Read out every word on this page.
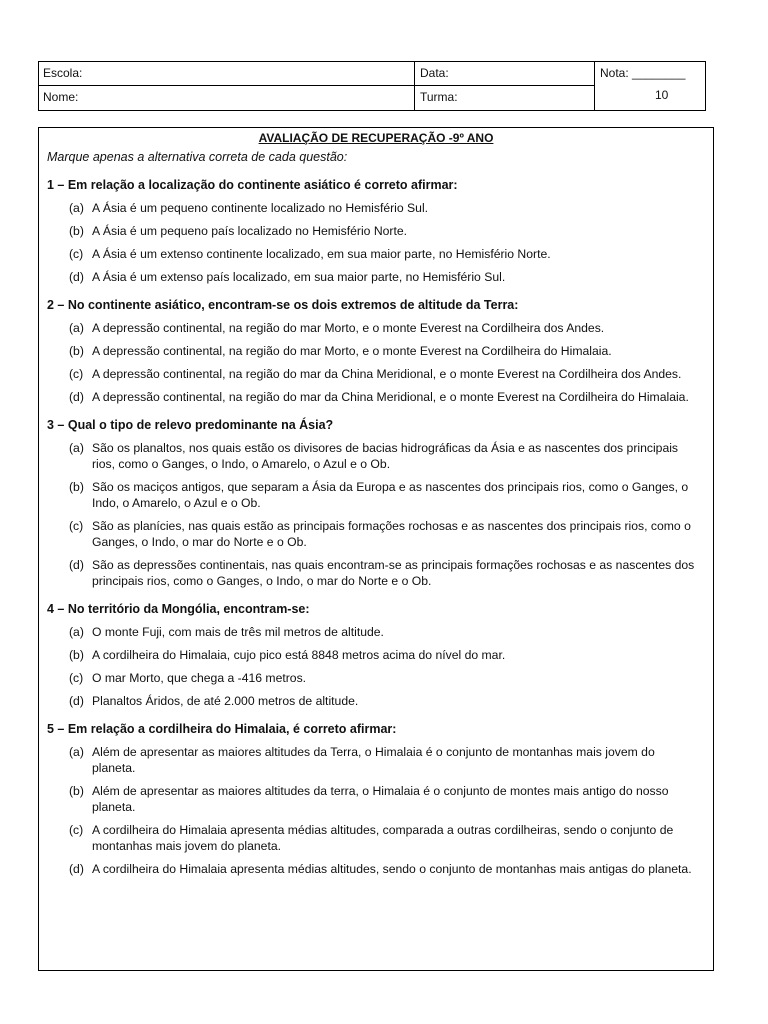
Escola:	Data:	Nota: ________
Nome:	Turma:	10
AVALIAÇÃO DE RECUPERAÇÃO -9º ANO
Marque apenas a alternativa correta de cada questão:
1 – Em relação a localização do continente asiático é correto afirmar:
(a) A Ásia é um pequeno continente localizado no Hemisfério Sul.
(b) A Ásia é um pequeno país localizado no Hemisfério Norte.
(c) A Ásia é um extenso continente localizado, em sua maior parte, no Hemisfério Norte.
(d) A Ásia é um extenso país localizado, em sua maior parte, no Hemisfério Sul.
2 – No continente asiático, encontram-se os dois extremos de altitude da Terra:
(a) A depressão continental, na região do mar Morto, e o monte Everest na Cordilheira dos Andes.
(b) A depressão continental, na região do mar Morto, e o monte Everest na Cordilheira do Himalaia.
(c) A depressão continental, na região do mar da China Meridional, e o monte Everest na Cordilheira dos Andes.
(d) A depressão continental, na região do mar da China Meridional, e o monte Everest na Cordilheira do Himalaia.
3 – Qual o tipo de relevo predominante na Ásia?
(a) São os planaltos, nos quais estão os divisores de bacias hidrográficas da Ásia e as nascentes dos principais rios, como o Ganges, o Indo, o Amarelo, o Azul e o Ob.
(b) São os maciços antigos, que separam a Ásia da Europa e as nascentes dos principais rios, como o Ganges, o Indo, o Amarelo, o Azul e o Ob.
(c) São as planícies, nas quais estão as principais formações rochosas e as nascentes dos principais rios, como o Ganges, o Indo, o mar do Norte e o Ob.
(d) São as depressões continentais, nas quais encontram-se as principais formações rochosas e as nascentes dos principais rios, como o Ganges, o Indo, o mar do Norte e o Ob.
4 – No território da Mongólia, encontram-se:
(a) O monte Fuji, com mais de três mil metros de altitude.
(b) A cordilheira do Himalaia, cujo pico está 8848 metros acima do nível do mar.
(c) O mar Morto, que chega a -416 metros.
(d) Planaltos Áridos, de até 2.000 metros de altitude.
5 – Em relação a cordilheira do Himalaia, é correto afirmar:
(a) Além de apresentar as maiores altitudes da Terra, o Himalaia é o conjunto de montanhas mais jovem do planeta.
(b) Além de apresentar as maiores altitudes da terra, o Himalaia é o conjunto de montes mais antigo do nosso planeta.
(c) A cordilheira do Himalaia apresenta médias altitudes, comparada a outras cordilheiras, sendo o conjunto de montanhas mais jovem do planeta.
(d) A cordilheira do Himalaia apresenta médias altitudes, sendo o conjunto de montanhas mais antigas do planeta.
